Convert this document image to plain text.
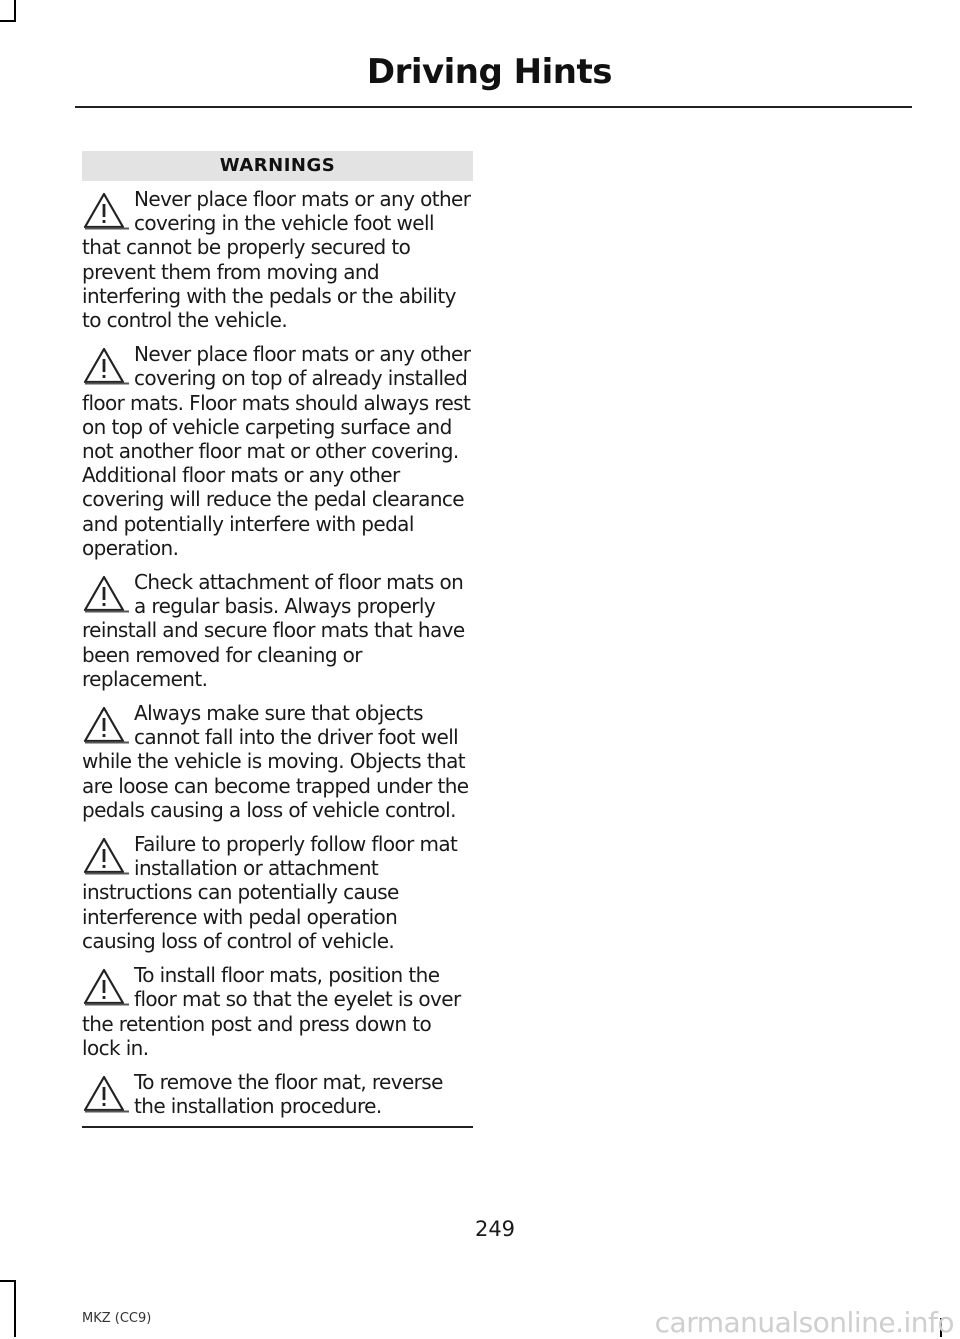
Driving Hints
WARNINGS
Never place floor mats or any other covering in the vehicle foot well that cannot be properly secured to prevent them from moving and interfering with the pedals or the ability to control the vehicle.
Never place floor mats or any other covering on top of already installed floor mats. Floor mats should always rest on top of vehicle carpeting surface and not another floor mat or other covering. Additional floor mats or any other covering will reduce the pedal clearance and potentially interfere with pedal operation.
Check attachment of floor mats on a regular basis. Always properly reinstall and secure floor mats that have been removed for cleaning or replacement.
Always make sure that objects cannot fall into the driver foot well while the vehicle is moving. Objects that are loose can become trapped under the pedals causing a loss of vehicle control.
Failure to properly follow floor mat installation or attachment instructions can potentially cause interference with pedal operation causing loss of control of vehicle.
To install floor mats, position the floor mat so that the eyelet is over the retention post and press down to lock in.
To remove the floor mat, reverse the installation procedure.
249
MKZ (CC9)	carmanualsonline.info
